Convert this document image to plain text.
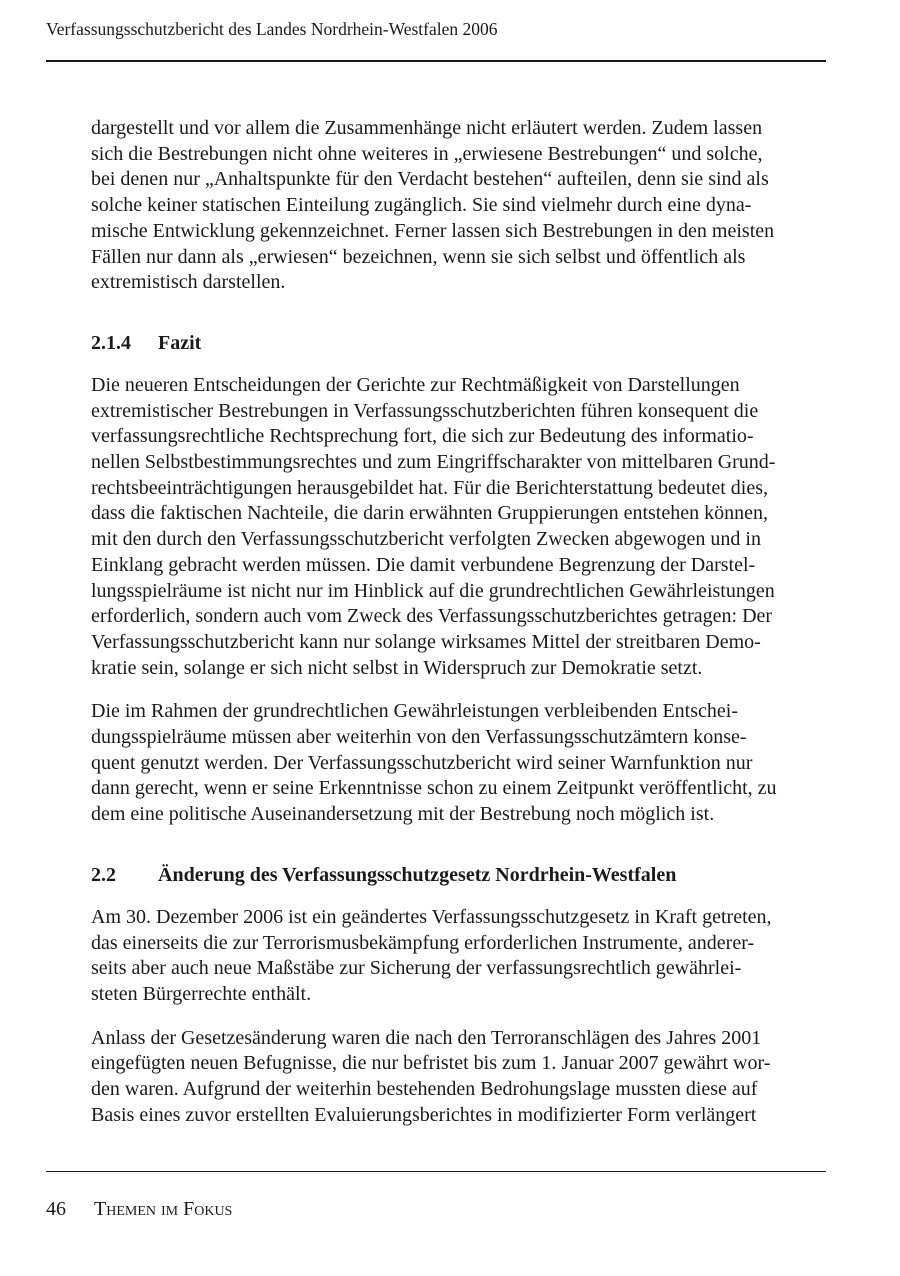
Verfassungsschutzbericht des Landes Nordrhein-Westfalen 2006
dargestellt und vor allem die Zusammenhänge nicht erläutert werden. Zudem lassen
sich die Bestrebungen nicht ohne weiteres in „erwiesene Bestrebungen“ und solche,
bei denen nur „Anhaltspunkte für den Verdacht bestehen“ aufteilen, denn sie sind als
solche keiner statischen Einteilung zugänglich. Sie sind vielmehr durch eine dyna-
mische Entwicklung gekennzeichnet. Ferner lassen sich Bestrebungen in den meisten
Fällen nur dann als „erwiesen“ bezeichnen, wenn sie sich selbst und öffentlich als
extremistisch darstellen.
2.1.4 Fazit
Die neueren Entscheidungen der Gerichte zur Rechtmäßigkeit von Darstellungen
extremistischer Bestrebungen in Verfassungsschutzberichten führen konsequent die
verfassungsrechtliche Rechtsprechung fort, die sich zur Bedeutung des informatio-
nellen Selbstbestimmungsrechtes und zum Eingriffscharakter von mittelbaren Grund-
rechtsbeeinträchtigungen herausgebildet hat. Für die Berichterstattung bedeutet dies,
dass die faktischen Nachteile, die darin erwähnten Gruppierungen entstehen können,
mit den durch den Verfassungsschutzbericht verfolgten Zwecken abgewogen und in
Einklang gebracht werden müssen. Die damit verbundene Begrenzung der Darstel-
lungsspielräume ist nicht nur im Hinblick auf die grundrechtlichen Gewährleistungen
erforderlich, sondern auch vom Zweck des Verfassungsschutzberichtes getragen: Der
Verfassungsschutzbericht kann nur solange wirksames Mittel der streitbaren Demo-
kratie sein, solange er sich nicht selbst in Widerspruch zur Demokratie setzt.
Die im Rahmen der grundrechtlichen Gewährleistungen verbleibenden Entschei-
dungsspielräume müssen aber weiterhin von den Verfassungsschutzämtern konse-
quent genutzt werden. Der Verfassungsschutzbericht wird seiner Warnfunktion nur
dann gerecht, wenn er seine Erkenntnisse schon zu einem Zeitpunkt veröffentlicht, zu
dem eine politische Auseinandersetzung mit der Bestrebung noch möglich ist.
2.2 Änderung des Verfassungsschutzgesetz Nordrhein-Westfalen
Am 30. Dezember 2006 ist ein geändertes Verfassungsschutzgesetz in Kraft getreten,
das einerseits die zur Terrorismusbekämpfung erforderlichen Instrumente, anderer-
seits aber auch neue Maßstäbe zur Sicherung der verfassungsrechtlich gewährlei-
steten Bürgerrechte enthält.
Anlass der Gesetzesänderung waren die nach den Terroranschlägen des Jahres 2001
eingefügten neuen Befugnisse, die nur befristet bis zum 1. Januar 2007 gewährt wor-
den waren. Aufgrund der weiterhin bestehenden Bedrohungslage mussten diese auf
Basis eines zuvor erstellten Evaluierungsberichtes in modifizierter Form verlängert
46 Themen im Fokus
